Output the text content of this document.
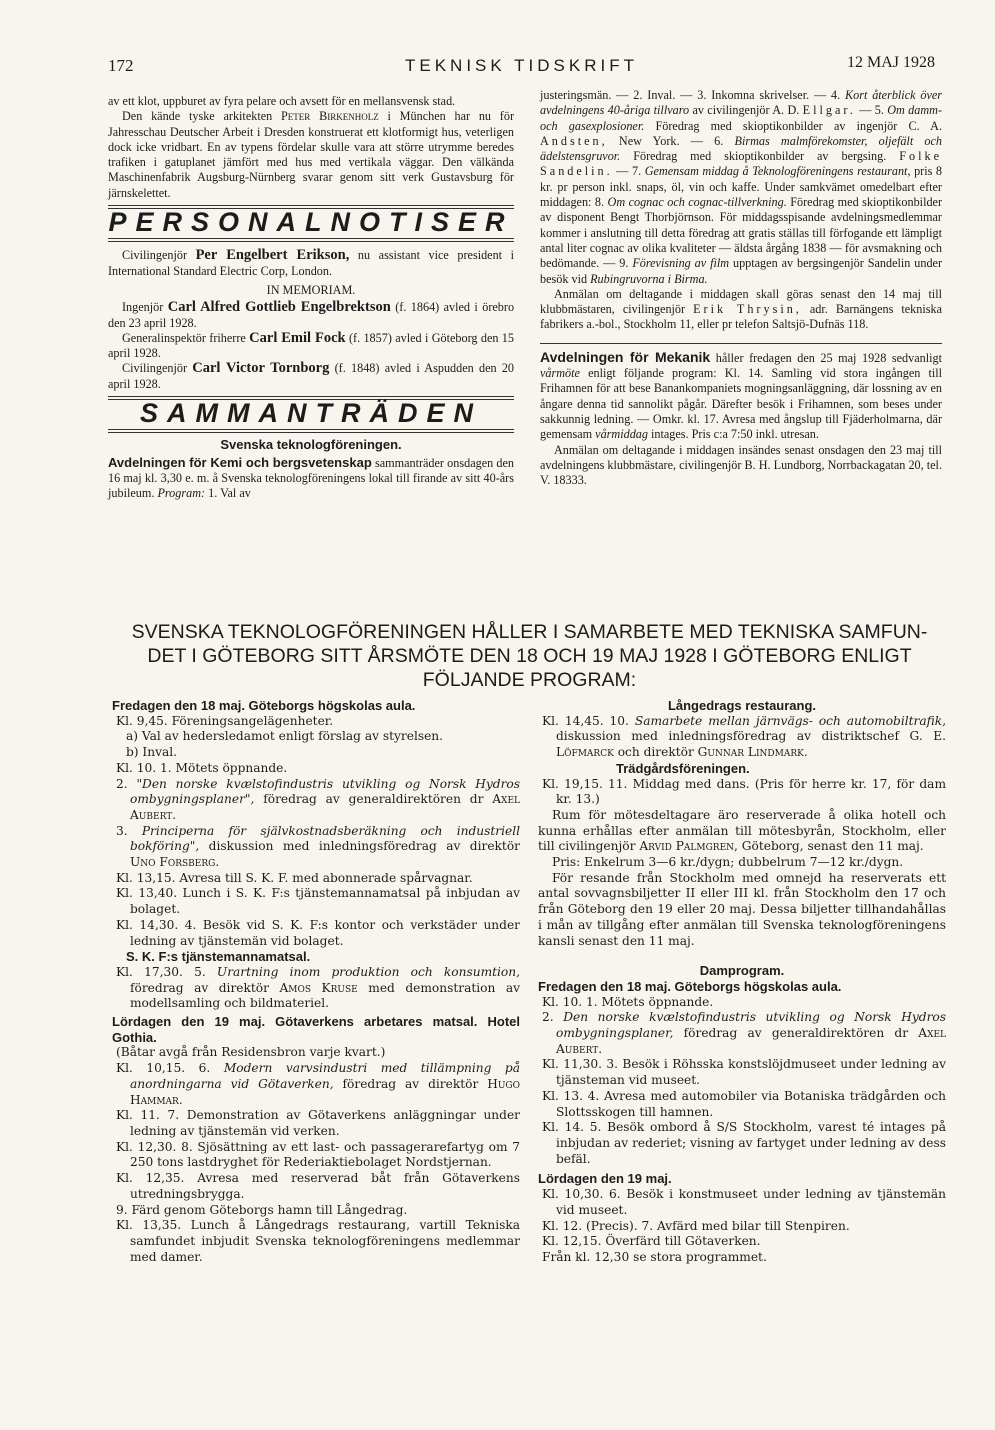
172	TEKNISK TIDSKRIFT	12 MAJ 1928

av ett klot, uppburet av fyra pelare och avsett för en mellansvensk stad.

Den kände tyske arkitekten Peter Birkenholz i München har nu för Jahresschau Deutscher Arbeit i Dresden konstruerat ett klotformigt hus, veterligen dock icke vridbart. En av typens fördelar skulle vara att större utrymme beredes trafiken i gatuplanet jämfört med hus med vertikala väggar. Den välkända Maschinenfabrik Augsburg-Nürnberg svarar genom sitt verk Gustavsburg för järnskelettet.

PERSONALNOTISER

Civilingenjör Per Engelbert Erikson, nu assistant vice president i International Standard Electric Corp, London.

IN MEMORIAM.

Ingenjör Carl Alfred Gottlieb Engelbrektson (f. 1864) avled i örebro den 23 april 1928.

Generalinspektör friherre Carl Emil Fock (f. 1857) avled i Göteborg den 15 april 1928.

Civilingenjör Carl Victor Tornborg (f. 1848) avled i Aspudden den 20 april 1928.

SAMMANTRÄDEN

Svenska teknologföreningen.

Avdelningen för Kemi och bergsvetenskap sammanträder onsdagen den 16 maj kl. 3,30 e. m. å Svenska teknologföreningens lokal till firande av sitt 40-års jubileum. Program: 1. Val av

justeringsmän. — 2. Inval. — 3. Inkomna skrivelser. — 4. Kort återblick över avdelningens 40-åriga tillvaro av civilingenjör A. D. Ellgar. — 5. Om damm- och gasexplosioner. Föredrag med skioptikonbilder av ingenjör C. A. Andsten, New York. — 6. Birmas malmförekomster, oljefält och ädelstensgruvor. Föredrag med skioptikonbilder av bergsing. Folke Sandelin. — 7. Gemensam middag å Teknologföreningens restaurant, pris 8 kr. pr person inkl. snaps, öl, vin och kaffe. Under samkvämet omedelbart efter middagen: 8. Om cognac och cognac-tillverkning. Föredrag med skioptikonbilder av disponent Bengt Thorbjörnson. För middagsspisande avdelningsmedlemmar kommer i anslutning till detta föredrag att gratis ställas till förfogande ett lämpligt antal liter cognac av olika kvaliteter — äldsta årgång 1838 — för avsmakning och bedömande. — 9. Förevisning av film upptagen av bergsingenjör Sandelin under besök vid Rubingruvorna i Birma.

Anmälan om deltagande i middagen skall göras senast den 14 maj till klubbmästaren, civilingenjör Erik Thrysin, adr. Barnängens tekniska fabrikers a.-bol., Stockholm 11, eller pr telefon Saltsjö-Dufnäs 118.

Avdelningen för Mekanik håller fredagen den 25 maj 1928 sedvanligt vårmöte enligt följande program: Kl. 14. Samling vid stora ingången till Frihamnen för att bese Banankompaniets mogningsanläggning, där lossning av en ångare denna tid sannolikt pågår. Därefter besök i Frihamnen, som beses under sakkunnig ledning. — Omkr. kl. 17. Avresa med ångslup till Fjäderholmarna, där gemensam vårmiddag intages. Pris c:a 7:50 inkl. utresan.

Anmälan om deltagande i middagen insändes senast onsdagen den 23 maj till avdelningens klubbmästare, civilingenjör B. H. Lundborg, Norrbackagatan 20, tel. V. 18333.

SVENSKA TEKNOLOGFÖRENINGEN HÅLLER I SAMARBETE MED TEKNISKA SAMFUN-
DET I GÖTEBORG SITT ÅRSMÖTE DEN 18 OCH 19 MAJ 1928 I GÖTEBORG ENLIGT
FÖLJANDE PROGRAM:

Fredagen den 18 maj. Göteborgs högskolas aula.

Kl. 9,45. Föreningsangelägenheter.

a) Val av hedersledamot enligt förslag av styrelsen.

b) Inval.

Kl. 10. 1. Mötets öppnande.

2. "Den norske kvælstofindustris utvikling og Norsk Hydros ombygningsplaner", föredrag av generaldirektören dr Axel Aubert.

3. Principerna för självkostnadsberäkning och industriell bokföring", diskussion med inledningsföredrag av direktör Uno Forsberg.

Kl. 13,15. Avresa till S. K. F. med abonnerade spårvagnar.

Kl. 13,40. Lunch i S. K. F:s tjänstemannamatsal på inbjudan av bolaget.

Kl. 14,30. 4. Besök vid S. K. F:s kontor och verkstäder under ledning av tjänstemän vid bolaget.

S. K. F:s tjänstemannamatsal.

Kl. 17,30. 5. Urartning inom produktion och konsumtion, föredrag av direktör Amos Kruse med demonstration av modellsamling och bildmateriel.

Lördagen den 19 maj. Götaverkens arbetares matsal. Hotel Gothia.

(Båtar avgå från Residensbron varje kvart.)

Kl. 10,15. 6. Modern varvsindustri med tillämpning på anordningarna vid Götaverken, föredrag av direktör Hugo Hammar.

Kl. 11. 7. Demonstration av Götaverkens anläggningar under ledning av tjänstemän vid verken.

Kl. 12,30. 8. Sjösättning av ett last- och passagerarefartyg om 7 250 tons lastdryghet för Rederiaktiebolaget Nordstjernan.

Kl. 12,35. Avresa med reserverad båt från Götaverkens utredningsbrygga.

9. Färd genom Göteborgs hamn till Långedrag.

Kl. 13,35. Lunch å Långedrags restaurang, vartill Tekniska samfundet inbjudit Svenska teknologföreningens medlemmar med damer.

Långedrags restaurang.

Kl. 14,45. 10. Samarbete mellan järnvägs- och automobiltrafik, diskussion med inledningsföredrag av distriktschef G. E. Löfmarck och direktör Gunnar Lindmark.

Trädgårdsföreningen.

Kl. 19,15. 11. Middag med dans. (Pris för herre kr. 17, för dam kr. 13.)

Rum för mötesdeltagare äro reserverade å olika hotell och kunna erhållas efter anmälan till mötesbyrån, Stockholm, eller till civilingenjör Arvid Palmgren, Göteborg, senast den 11 maj.

Pris: Enkelrum 3—6 kr./dygn; dubbelrum 7—12 kr./dygn.

För resande från Stockholm med omnejd ha reserverats ett antal sovvagnsbiljetter II eller III kl. från Stockholm den 17 och från Göteborg den 19 eller 20 maj. Dessa biljetter tillhandahållas i mån av tillgång efter anmälan till Svenska teknologföreningens kansli senast den 11 maj.

Damprogram.

Fredagen den 18 maj. Göteborgs högskolas aula.

Kl. 10. 1. Mötets öppnande.

2. Den norske kvælstofindustris utvikling og Norsk Hydros ombygningsplaner, föredrag av generaldirektören dr Axel Aubert.

Kl. 11,30. 3. Besök i Röhsska konstslöjdmuseet under ledning av tjänsteman vid museet.

Kl. 13. 4. Avresa med automobiler via Botaniska trädgården och Slottsskogen till hamnen.

Kl. 14. 5. Besök ombord å S/S Stockholm, varest té intages på inbjudan av rederiet; visning av fartyget under ledning av dess befäl.

Lördagen den 19 maj.

Kl. 10,30. 6. Besök i konstmuseet under ledning av tjänstemän vid museet.

Kl. 12. (Precis). 7. Avfärd med bilar till Stenpiren.

Kl. 12,15. Överfärd till Götaverken.

Från kl. 12,30 se stora programmet.
